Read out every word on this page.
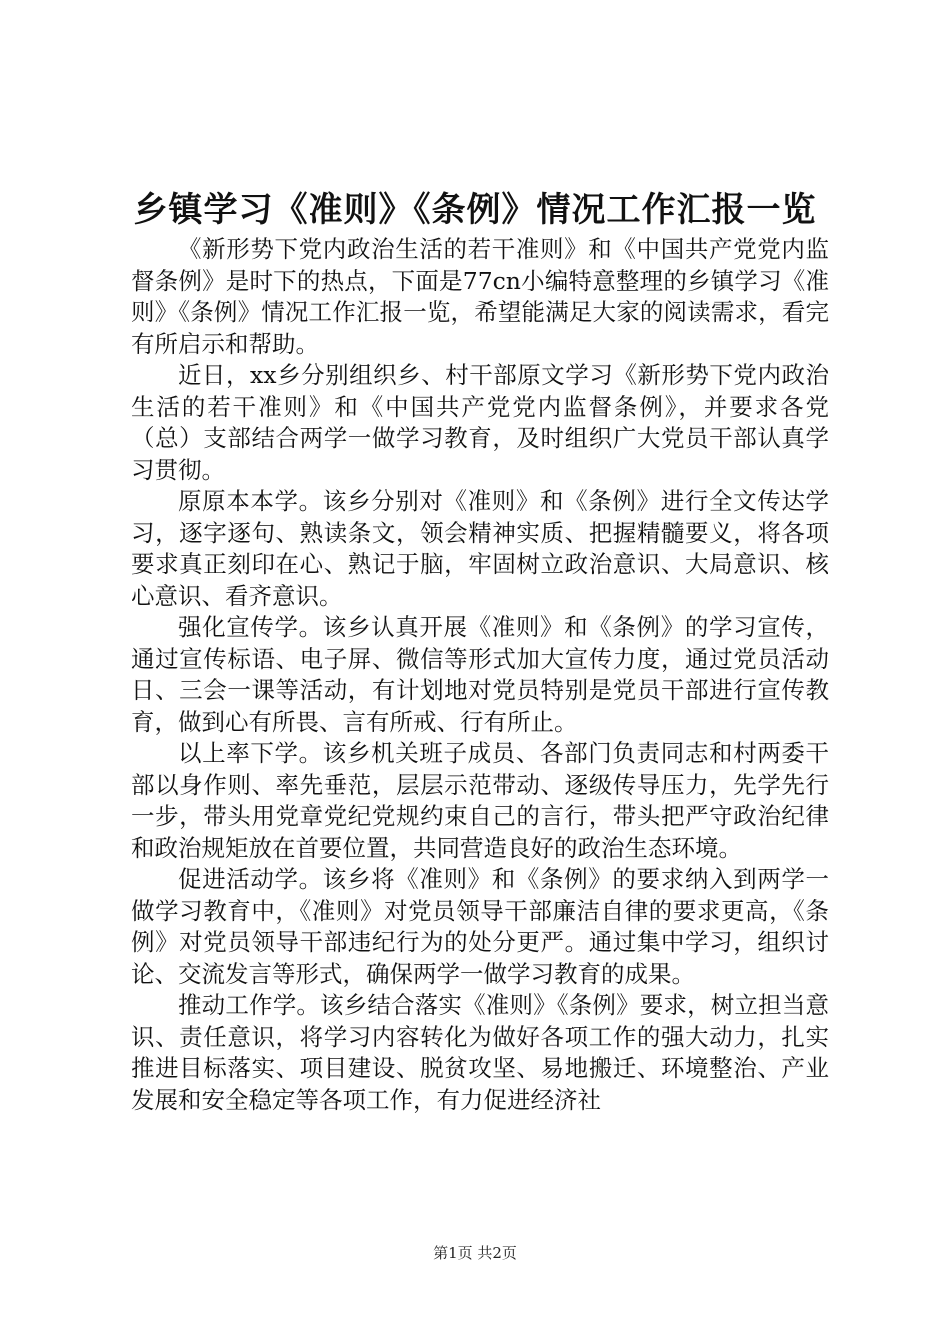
乡镇学习《准则》《条例》情况工作汇报一览

《新形势下党内政治生活的若干准则》和《中国共产党党内监督条例》是时下的热点，下面是77cn小编特意整理的乡镇学习《准则》《条例》情况工作汇报一览，希望能满足大家的阅读需求，看完有所启示和帮助。

近日，xx乡分别组织乡、村干部原文学习《新形势下党内政治生活的若干准则》和《中国共产党党内监督条例》，并要求各党（总）支部结合两学一做学习教育，及时组织广大党员干部认真学习贯彻。

原原本本学。该乡分别对《准则》和《条例》进行全文传达学习，逐字逐句、熟读条文，领会精神实质、把握精髓要义，将各项要求真正刻印在心、熟记于脑，牢固树立政治意识、大局意识、核心意识、看齐意识。

强化宣传学。该乡认真开展《准则》和《条例》的学习宣传，通过宣传标语、电子屏、微信等形式加大宣传力度，通过党员活动日、三会一课等活动，有计划地对党员特别是党员干部进行宣传教育，做到心有所畏、言有所戒、行有所止。

以上率下学。该乡机关班子成员、各部门负责同志和村两委干部以身作则、率先垂范，层层示范带动、逐级传导压力，先学先行一步，带头用党章党纪党规约束自己的言行，带头把严守政治纪律和政治规矩放在首要位置，共同营造良好的政治生态环境。

促进活动学。该乡将《准则》和《条例》的要求纳入到两学一做学习教育中，《准则》对党员领导干部廉洁自律的要求更高，《条例》对党员领导干部违纪行为的处分更严。通过集中学习，组织讨论、交流发言等形式，确保两学一做学习教育的成果。

推动工作学。该乡结合落实《准则》《条例》要求，树立担当意识、责任意识，将学习内容转化为做好各项工作的强大动力，扎实推进目标落实、项目建设、脱贫攻坚、易地搬迁、环境整治、产业发展和安全稳定等各项工作，有力促进经济社

第1页 共2页
